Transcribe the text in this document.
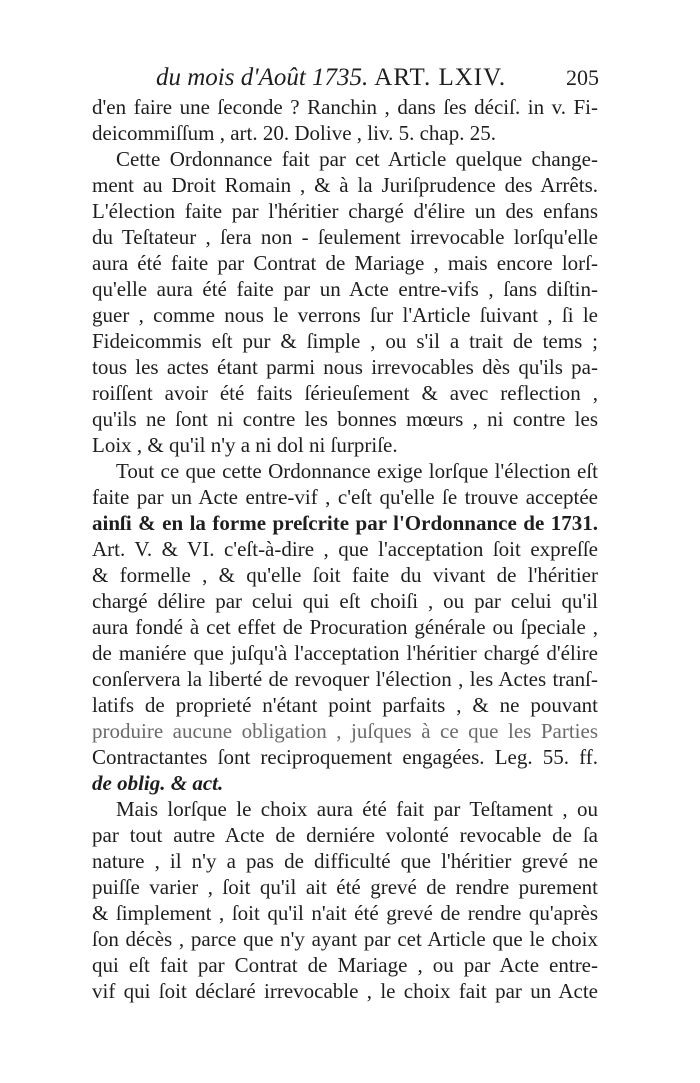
du mois d'Août 1735. ART. LXIV.	205
d'en faire une ſeconde ? Ranchin , dans ſes déciſ. in v. Fi-
deicommiſſum , art. 20. Dolive , liv. 5. chap. 25.
Cette Ordonnance fait par cet Article quelque change-
ment au Droit Romain , & à la Juriſprudence des Arrêts.
L'élection faite par l'héritier chargé d'élire un des enfans
du Teſtateur , ſera non - ſeulement irrevocable lorſqu'elle
aura été faite par Contrat de Mariage , mais encore lorſ-
qu'elle aura été faite par un Acte entre-vifs , ſans diſtin-
guer , comme nous le verrons ſur l'Article ſuivant , ſi le
Fideicommis eſt pur & ſimple , ou s'il a trait de tems ;
tous les actes étant parmi nous irrevocables dès qu'ils pa-
roiſſent avoir été faits ſérieuſement & avec reflection ,
qu'ils ne ſont ni contre les bonnes mœurs , ni contre les
Loix , & qu'il n'y a ni dol ni ſurpriſe.
Tout ce que cette Ordonnance exige lorſque l'élection eſt
faite par un Acte entre-vif , c'eſt qu'elle ſe trouve acceptée
ainſi & en la forme preſcrite par l'Ordonnance de 1731.
Art. V. & VI. c'eſt-à-dire , que l'acceptation ſoit expreſſe
& formelle , & qu'elle ſoit faite du vivant de l'héritier
chargé délire par celui qui eſt choiſi , ou par celui qu'il
aura fondé à cet effet de Procuration générale ou ſpeciale ,
de maniére que juſqu'à l'acceptation l'héritier chargé d'élire
conſervera la liberté de revoquer l'élection , les Actes tranſ-
latifs de proprieté n'étant point parfaits , & ne pouvant
produire aucune obligation , juſques à ce que les Parties
Contractantes ſont reciproquement engagées. Leg. 55. ff.
de oblig. & act.
Mais lorſque le choix aura été fait par Teſtament , ou
par tout autre Acte de derniére volonté revocable de ſa
nature , il n'y a pas de difficulté que l'héritier grevé ne
puiſſe varier , ſoit qu'il ait été grevé de rendre purement
& ſimplement , ſoit qu'il n'ait été grevé de rendre qu'après
ſon décès , parce que n'y ayant par cet Article que le choix
qui eſt fait par Contrat de Mariage , ou par Acte entre-
vif qui ſoit déclaré irrevocable , le choix fait par un Acte
